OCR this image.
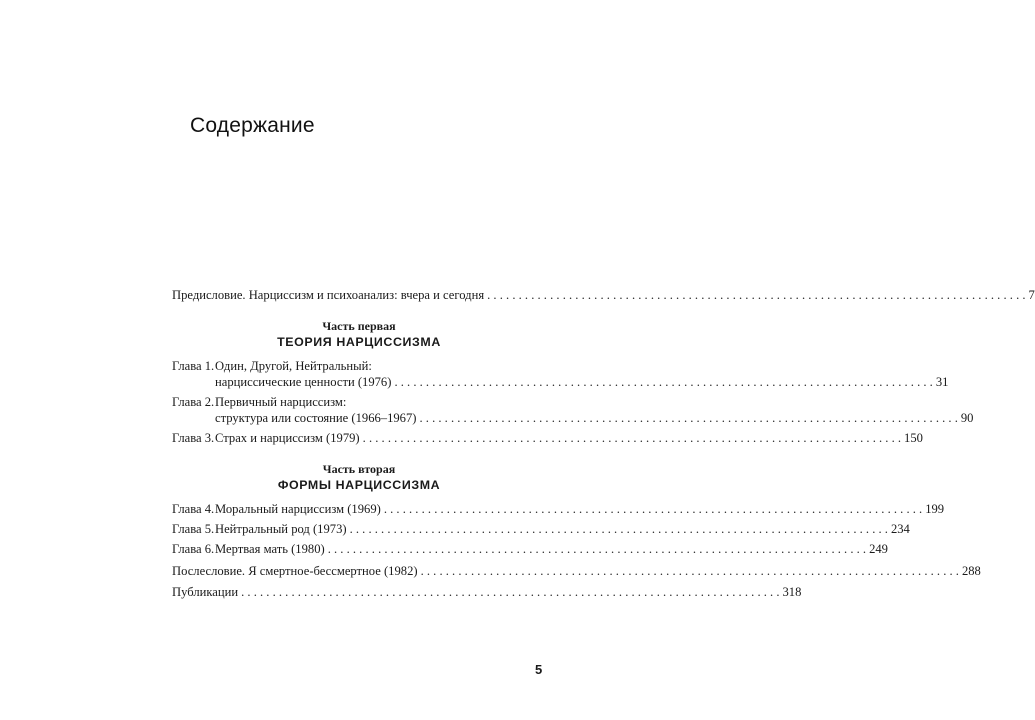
Содержание
Предисловие. Нарциссизм и психоанализ: вчера и сегодня . . .	7
Часть первая
ТЕОРИЯ НАРЦИССИЗМА
Глава 1. Один, Другой, Нейтральный:
нарциссические ценности (1976) . . .	31
Глава 2. Первичный нарциссизм:
структура или состояние (1966–1967) . . .	90
Глава 3. Страх и нарциссизм (1979) . . .	150
Часть вторая
ФОРМЫ НАРЦИССИЗМА
Глава 4. Моральный нарциссизм (1969) . . .	199
Глава 5. Нейтральный род (1973) . . .	234
Глава 6. Мертвая мать (1980) . . .	249
Послесловие. Я смертное-бессмертное (1982) . . .	288
Публикации . . .	318
5
